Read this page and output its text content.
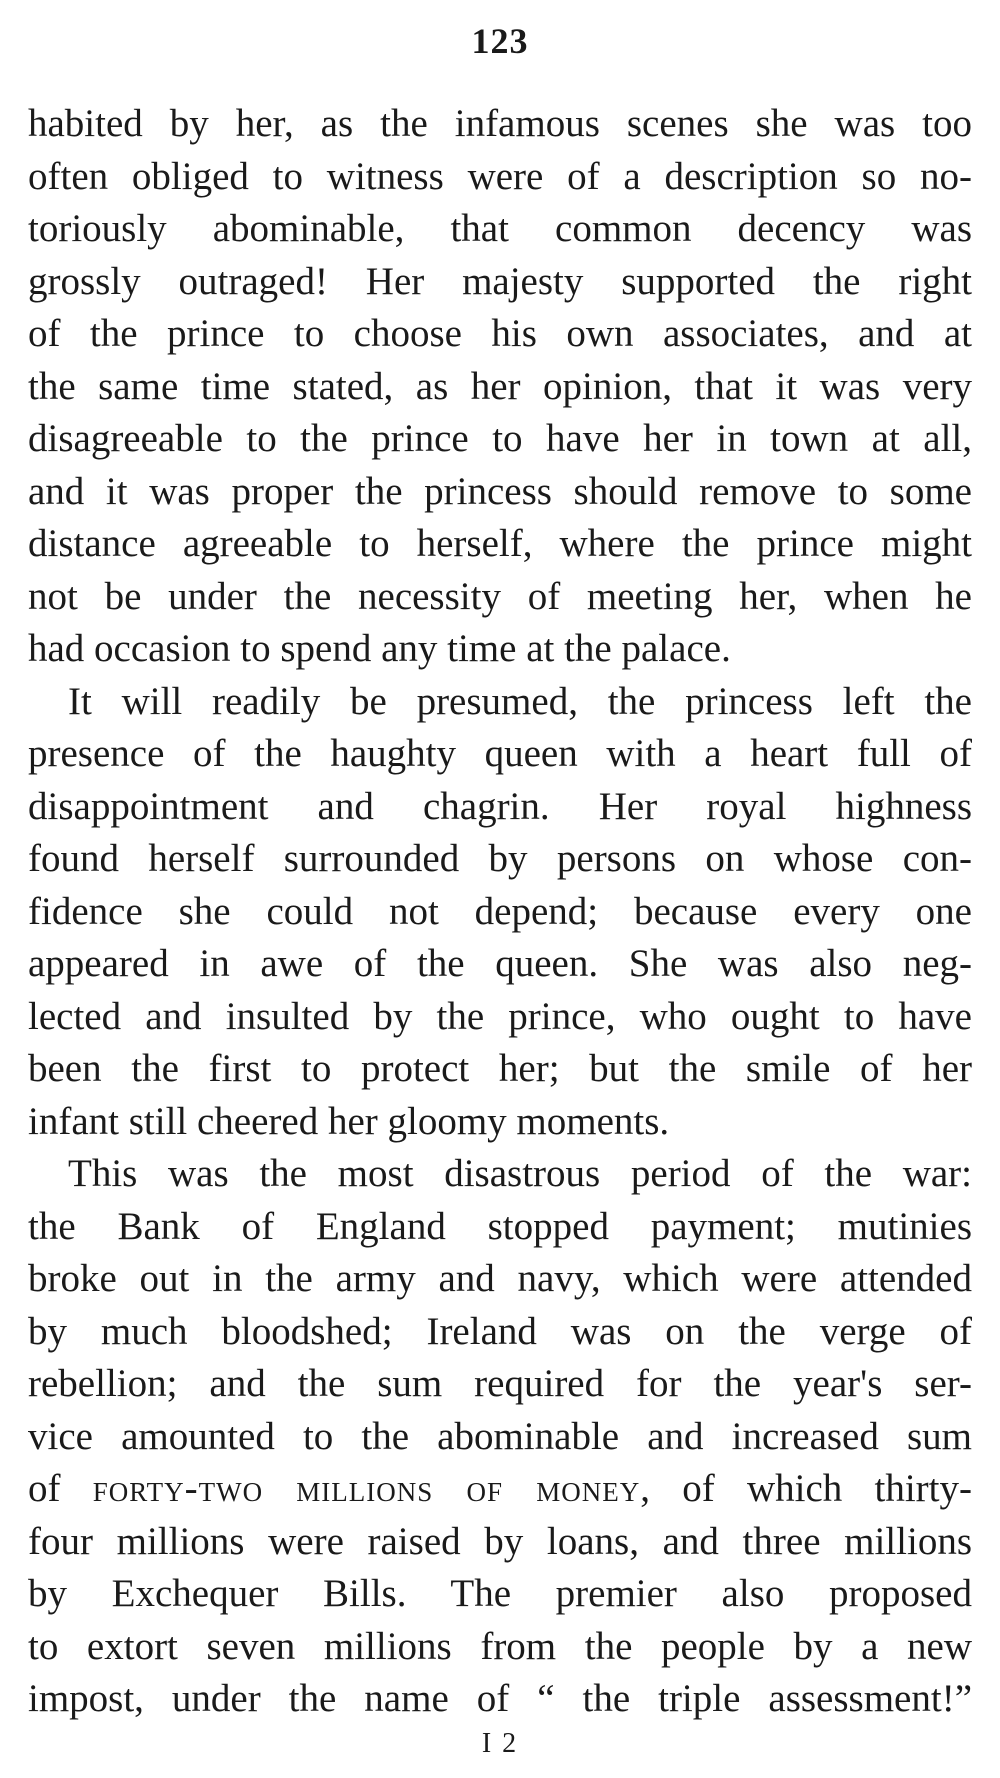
123
habited by her, as the infamous scenes she was too
often obliged to witness were of a description so no-
toriously abominable, that common decency was
grossly outraged! Her majesty supported the right
of the prince to choose his own associates, and at
the same time stated, as her opinion, that it was very
disagreeable to the prince to have her in town at all,
and it was proper the princess should remove to some
distance agreeable to herself, where the prince might
not be under the necessity of meeting her, when he
had occasion to spend any time at the palace.
It will readily be presumed, the princess left the
presence of the haughty queen with a heart full of
disappointment and chagrin. Her royal highness
found herself surrounded by persons on whose con-
fidence she could not depend; because every one
appeared in awe of the queen. She was also neg-
lected and insulted by the prince, who ought to have
been the first to protect her; but the smile of her
infant still cheered her gloomy moments.
This was the most disastrous period of the war:
the Bank of England stopped payment; mutinies
broke out in the army and navy, which were attended
by much bloodshed; Ireland was on the verge of
rebellion; and the sum required for the year's ser-
vice amounted to the abominable and increased sum
of forty-two millions of money, of which thirty-
four millions were raised by loans, and three millions
by Exchequer Bills. The premier also proposed
to extort seven millions from the people by a new
impost, under the name of “ the triple assessment!”
I 2
